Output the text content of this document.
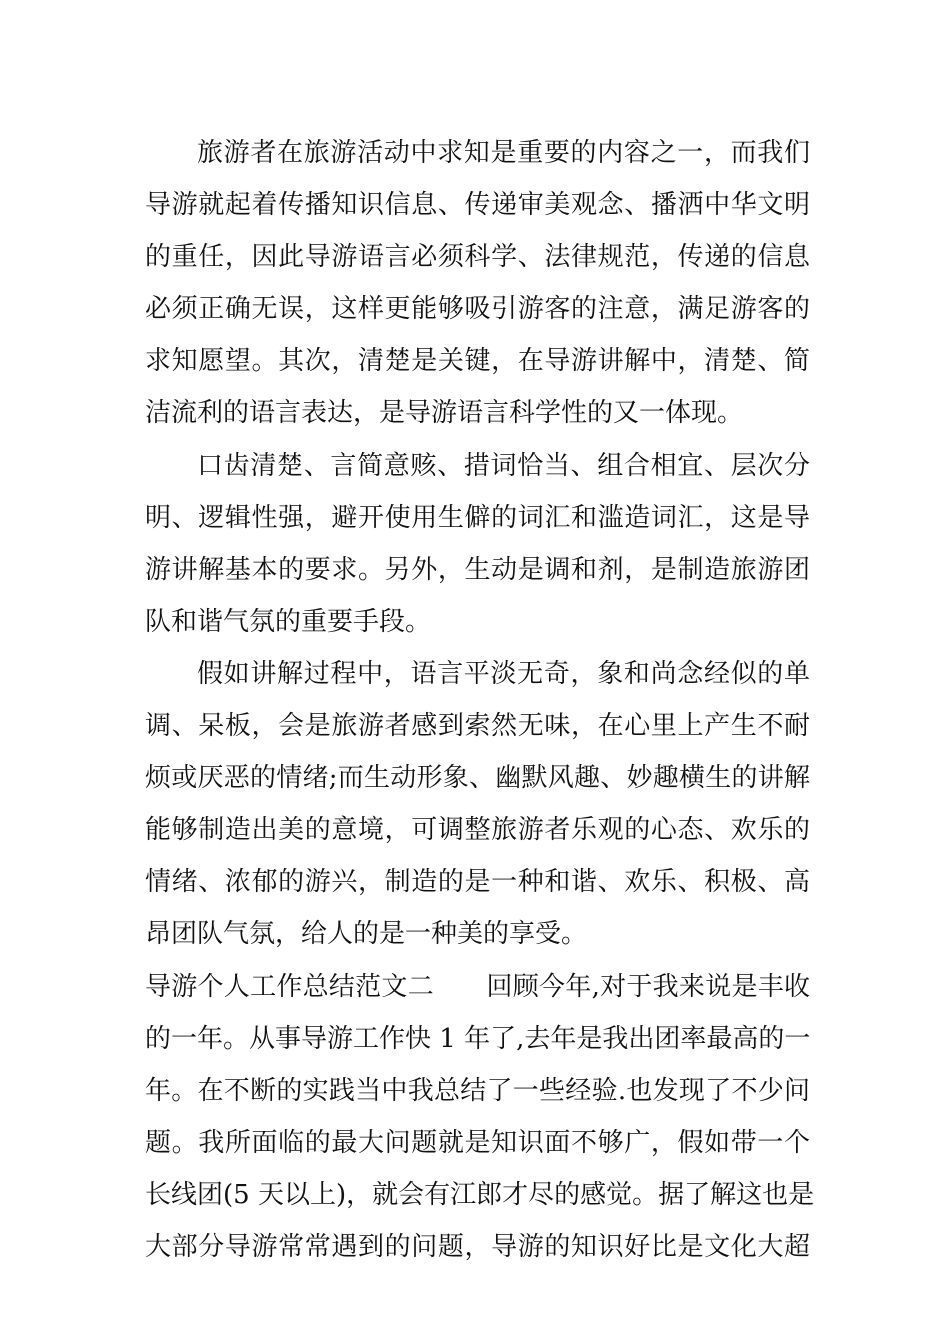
旅游者在旅游活动中求知是重要的内容之一，而我们
导游就起着传播知识信息、传递审美观念、播洒中华文明
的重任，因此导游语言必须科学、法律规范，传递的信息
必须正确无误，这样更能够吸引游客的注意，满足游客的
求知愿望。其次，清楚是关键，在导游讲解中，清楚、简
洁流利的语言表达，是导游语言科学性的又一体现。
口齿清楚、言简意赅、措词恰当、组合相宜、层次分
明、逻辑性强，避开使用生僻的词汇和滥造词汇，这是导
游讲解基本的要求。另外，生动是调和剂，是制造旅游团
队和谐气氛的重要手段。
假如讲解过程中，语言平淡无奇，象和尚念经似的单
调、呆板，会是旅游者感到索然无味，在心里上产生不耐
烦或厌恶的情绪;而生动形象、幽默风趣、妙趣横生的讲解
能够制造出美的意境，可调整旅游者乐观的心态、欢乐的
情绪、浓郁的游兴，制造的是一种和谐、欢乐、积极、高
昂团队气氛，给人的是一种美的享受。
导游个人工作总结范文二　　回顾今年,对于我来说是丰收
的一年。从事导游工作快 1 年了,去年是我出团率最高的一
年。在不断的实践当中我总结了一些经验.也发现了不少问
题。我所面临的最大问题就是知识面不够广，假如带一个
长线团(5 天以上)，就会有江郎才尽的感觉。据了解这也是
大部分导游常常遇到的问题，导游的知识好比是文化大超
